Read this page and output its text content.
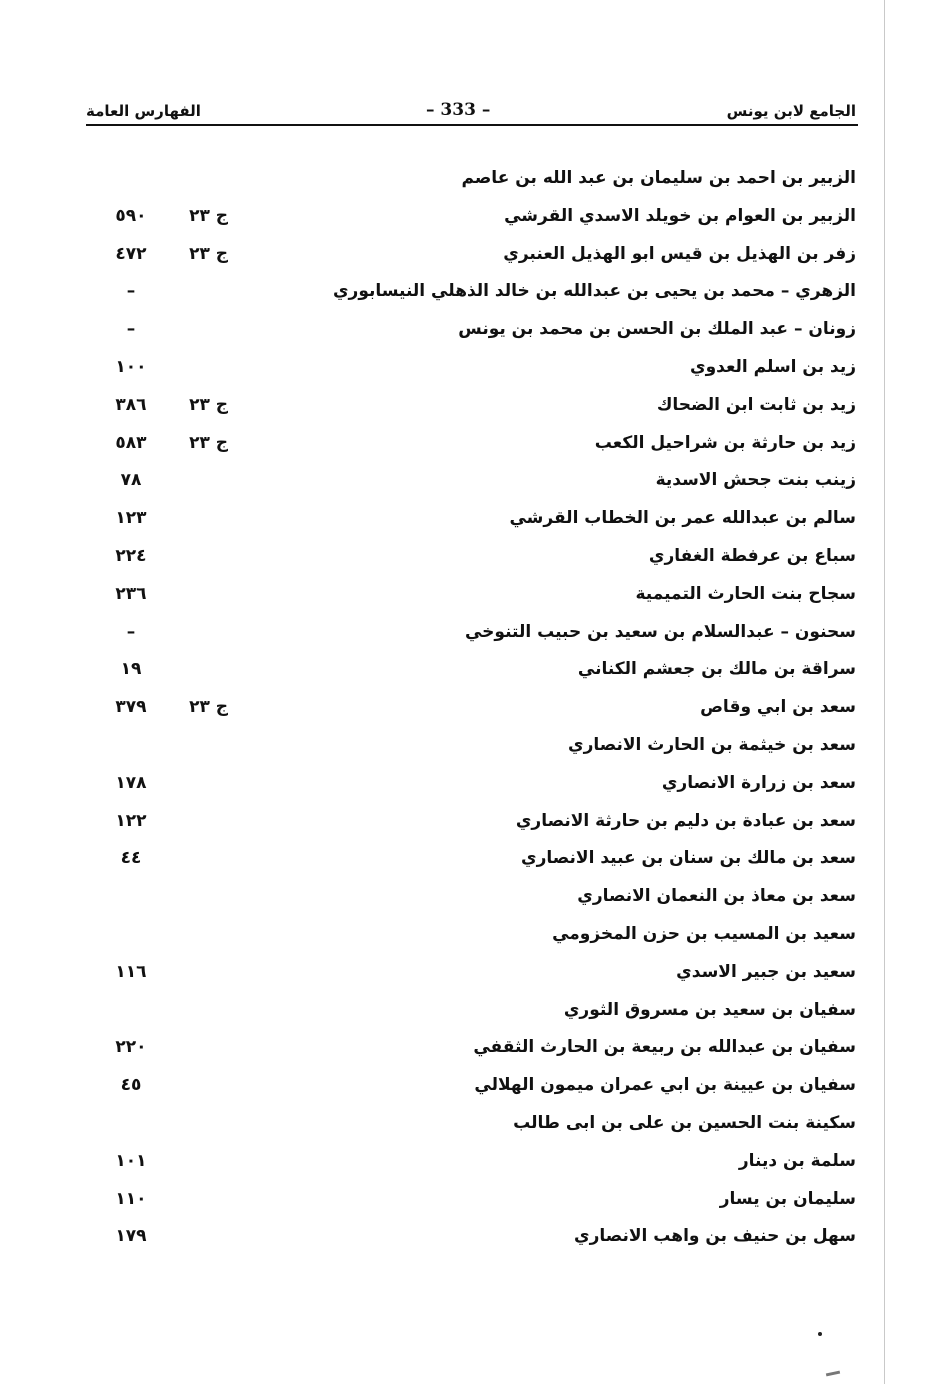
الجامع لابن يونس
– 333 –
الفهارس العامة
الزبير بن احمد بن سليمان بن عبد الله بن عاصم
الزبير بن العوام بن خويلد الاسدي القرشي
ج ٢٣
٥٩٠
زفر بن الهذيل بن قيس ابو الهذيل العنبري
ج ٢٣
٤٧٢
الزهري – محمد بن يحيى بن عبدالله بن خالد الذهلي النيسابوري
–
زونان – عبد الملك بن الحسن بن محمد بن يونس
–
زيد بن اسلم العدوي
١٠٠
زيد بن ثابت ابن الضحاك
ج ٢٣
٣٨٦
زيد بن حارثة بن شراحيل الكعب
ج ٢٣
٥٨٣
زينب بنت جحش الاسدية
٧٨
سالم بن عبدالله عمر بن الخطاب القرشي
١٢٣
سباع بن عرفطة الغفاري
٢٢٤
سجاح بنت الحارث التميمية
٢٣٦
سحنون – عبدالسلام بن سعيد بن حبيب التنوخي
–
سراقة بن مالك بن جعشم الكناني
١٩
سعد بن ابي وقاص
ج ٢٣
٣٧٩
سعد بن خيثمة بن الحارث الانصاري
سعد بن زرارة الانصاري
١٧٨
سعد بن عبادة بن دليم بن حارثة الانصاري
١٢٢
سعد بن مالك بن سنان بن عبيد الانصاري
٤٤
سعد بن معاذ بن النعمان الانصاري
سعيد بن المسيب بن حزن المخزومي
سعيد بن جبير الاسدي
١١٦
سفيان بن سعيد بن مسروق الثوري
سفيان بن عبدالله بن ربيعة بن الحارث الثقفي
٢٢٠
سفيان بن عيينة بن ابي عمران ميمون الهلالي
٤٥
سكينة بنت الحسين بن على بن ابى طالب
سلمة بن دينار
١٠١
سليمان بن يسار
١١٠
سهل بن حنيف بن واهب الانصاري
١٧٩
